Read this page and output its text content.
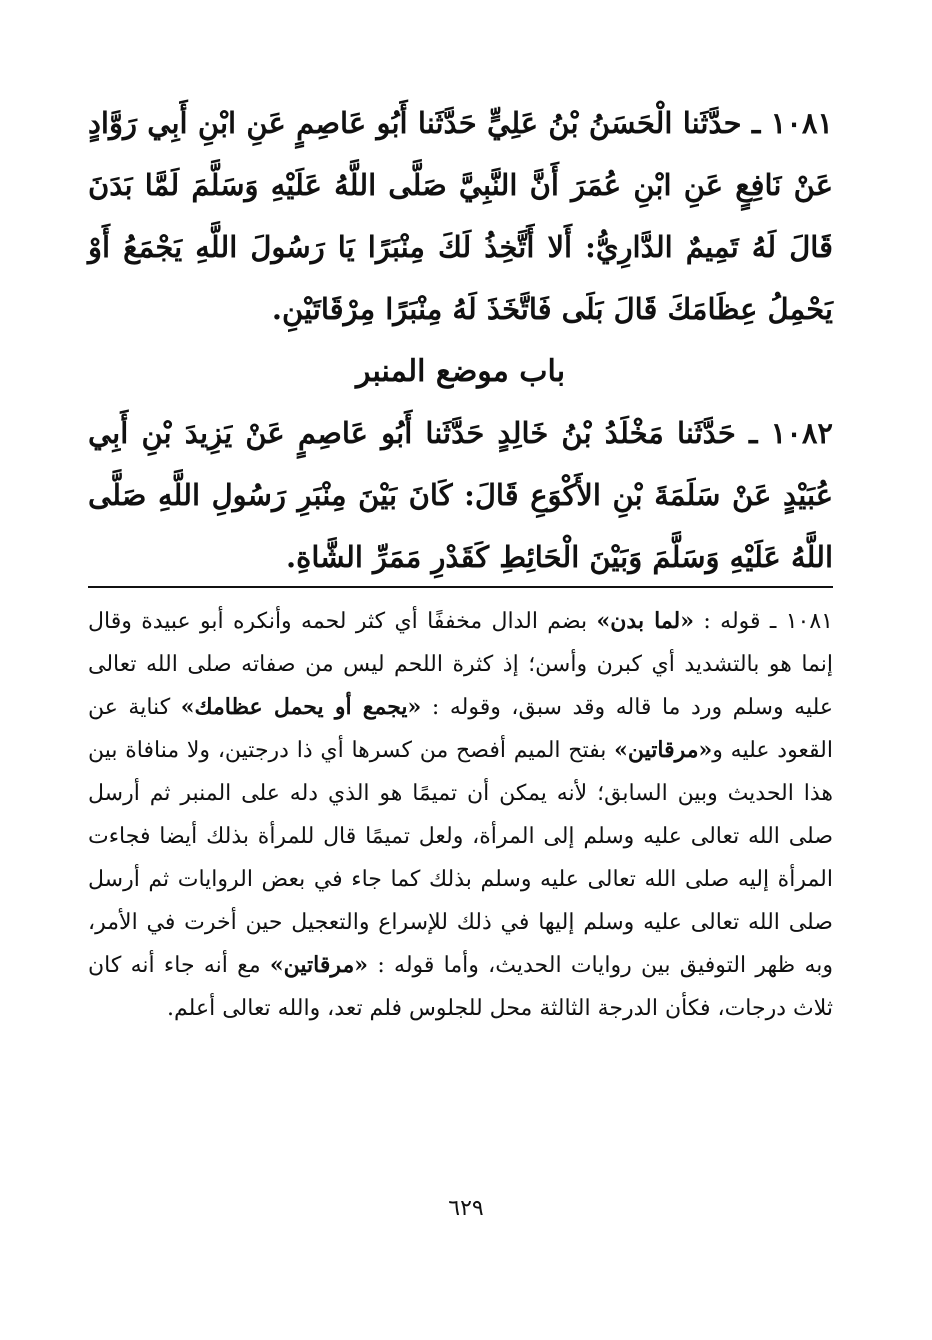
١٠٨١ ـ حدَّثَنا الْحَسَنُ بْنُ عَلِيٍّ حَدَّثَنا أَبُو عَاصِمٍ عَنِ ابْنِ أَبِي رَوَّادٍ عَنْ نَافِعٍ عَنِ ابْنِ عُمَرَ أَنَّ النَّبِيَّ صَلَّى اللَّهُ عَلَيْهِ وَسَلَّمَ لَمَّا بَدَنَ قَالَ لَهُ تَمِيمٌ الدَّارِيُّ: أَلا أَتَّخِذُ لَكَ مِنْبَرًا يَا رَسُولَ اللَّهِ يَجْمَعُ أَوْ يَحْمِلُ عِظَامَكَ قَالَ بَلَى فَاتَّخَذَ لَهُ مِنْبَرًا مِرْقَاتَيْنِ.

باب موضع المنبر

١٠٨٢ ـ حَدَّثَنا مَخْلَدُ بْنُ خَالِدٍ حَدَّثَنا أَبُو عَاصِمٍ عَنْ يَزِيدَ بْنِ أَبِي عُبَيْدٍ عَنْ سَلَمَةَ بْنِ الأَكْوَعِ قَالَ: كَانَ بَيْنَ مِنْبَرِ رَسُولِ اللَّهِ صَلَّى اللَّهُ عَلَيْهِ وَسَلَّمَ وَبَيْنَ الْحَائِطِ كَقَدْرِ مَمَرِّ الشَّاةِ.

١٠٨١ ـ قوله : «لما بدن» بضم الدال مخففًا أي كثر لحمه وأنكره أبو عبيدة وقال إنما هو بالتشديد أي كبرن وأسن؛ إذ كثرة اللحم ليس من صفاته صلى الله تعالى عليه وسلم ورد ما قاله وقد سبق، وقوله : «يجمع أو يحمل عظامك» كناية عن القعود عليه و«مرقاتين» بفتح الميم أفصح من كسرها أي ذا درجتين، ولا منافاة بين هذا الحديث وبين السابق؛ لأنه يمكن أن تميمًا هو الذي دله على المنبر ثم أرسل صلى الله تعالى عليه وسلم إلى المرأة، ولعل تميمًا قال للمرأة بذلك أيضا فجاءت المرأة إليه صلى الله تعالى عليه وسلم بذلك كما جاء في بعض الروايات ثم أرسل صلى الله تعالى عليه وسلم إليها في ذلك للإسراع والتعجيل حين أخرت في الأمر، وبه ظهر التوفيق بين روايات الحديث، وأما قوله : «مرقاتين» مع أنه جاء أنه كان ثلاث درجات، فكأن الدرجة الثالثة محل للجلوس فلم تعد، والله تعالى أعلم.

٦٢٩
